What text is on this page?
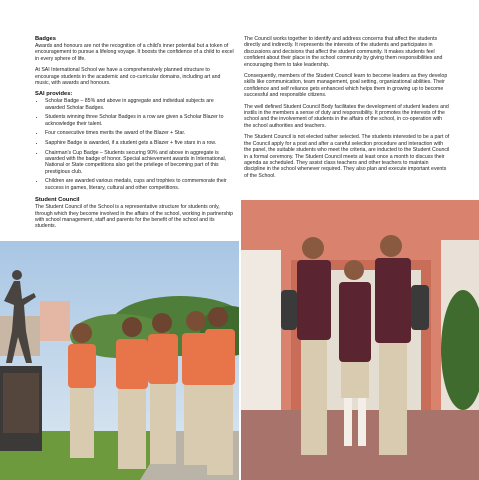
Badges

Awards and honours are not the recognition of a child's inner potential but a token of encouragement to pursue a lifelong voyage. It boosts the confidence of a child to excel in every sphere of life.

At SAI International School we have a comprehensively planned structure to encourage students in the academic and co-curricular domains, including art and music, with awards and honours.

SAI provides:
• Scholar Badge – 85% and above in aggregate and individual subjects are awarded Scholar Badges.
• Students winning three Scholar Badges in a row are given a Scholar Blazer to acknowledge their talent.
• Four consecutive times merits the award of the Blazer + Star.
• Sapphire Badge is awarded, if a student gets a Blazer + five stars in a row.
• Chairman's Cup Badge – Students securing 90% and above in aggregate is awarded with the badge of honor. Special achievement awards in International, National or State competitions also get the privilege of becoming part of this prestigious club.
• Children are awarded various medals, cups and trophies to commemorate their success in games, literary, cultural and other competitions.
Student Council

The Student Council of the School is a representative structure for students only, through which they become involved in the affairs of the school, working in partnership with school management, staff and parents for the benefit of the school and its students.

The Council works together to identify and address concerns that affect the students directly and indirectly. It represents the interests of the students and participates in discussions and decisions that affect the student community. It makes students feel confident about their place in the school community by giving them responsibilities and encouraging them to take leadership.

Consequently, members of the Student Council learn to become leaders as they develop skills like communication, team management, goal setting, organizational abilities. Their confidence and self reliance gets enhanced which helps them in growing up to become successful and responsible citizens.

The well defined Student Council Body facilitates the development of student leaders and instils in the members a sense of duty and responsibility. It promotes the interests of the school and the involvement of students in the affairs of the school, in co-operation with the school authorities and teachers.

The Student Council is not elected rather selected. The students interested to be a part of the Council apply for a post and after a careful selection procedure and interaction with the panel, the suitable students who meet the criteria, are inducted to the Student Council in a formal ceremony. The Student Council meets at least once a month to discuss their agenda as scheduled. They assist class teachers and other teachers to maintain discipline in the school whenever required. They also plan and execute important events of the School.
